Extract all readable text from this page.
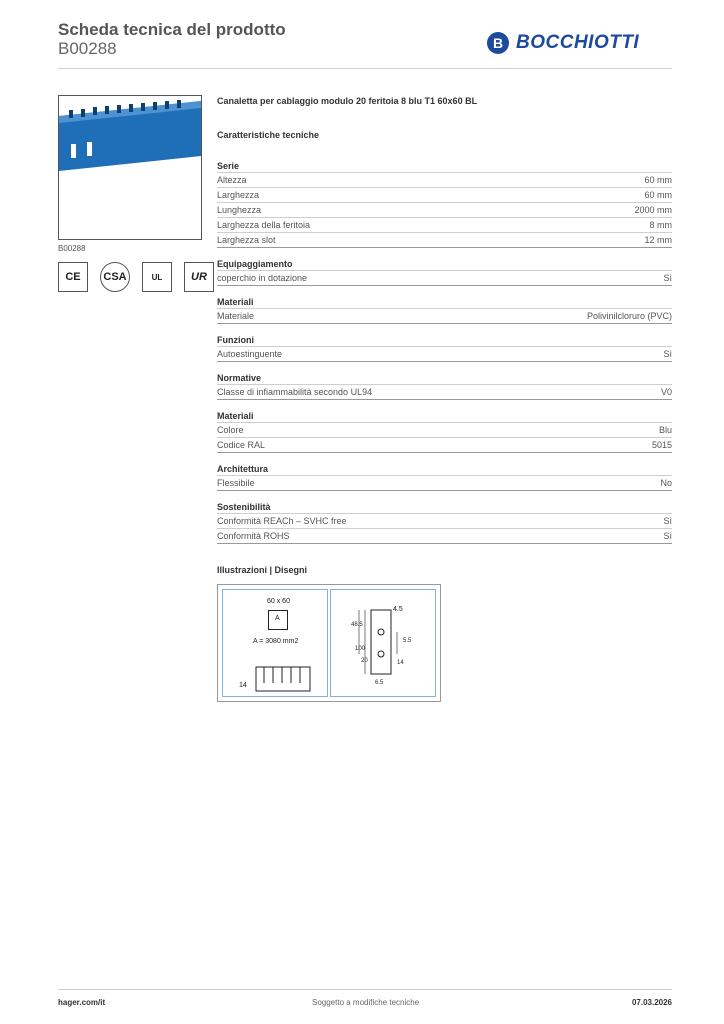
Scheda tecnica del prodotto
B00288	B BOCCHIOTTI
B00288
CE	CSA	UL	UR
Canaletta per cablaggio modulo 20 feritoia 8 blu T1 60x60 BL
Caratteristiche tecniche
Serie
Altezza	60 mm
Larghezza	60 mm
Lunghezza	2000 mm
Larghezza della feritoia	8 mm
Larghezza slot	12 mm
Equipaggiamento
coperchio in dotazione	Sì
Materiali
Materiale	Polivinilcloruro (PVC)
Funzioni
Autoestinguente	Sì
Normative
Classe di infiammabilità secondo UL94	V0
Materiali
Colore	Blu
Codice RAL	5015
Architettura
Flessibile	No
Sostenibilità
Conformità REACh – SVHC free	Sì
Conformità ROHS	Sì
Illustrazioni | Disegni
60 x 60
A
A = 3080 mm2
14
4.5
48.5
100
5.5
20	14
6.5
hager.com/it	Soggetto a modifiche tecniche	07.03.2026
